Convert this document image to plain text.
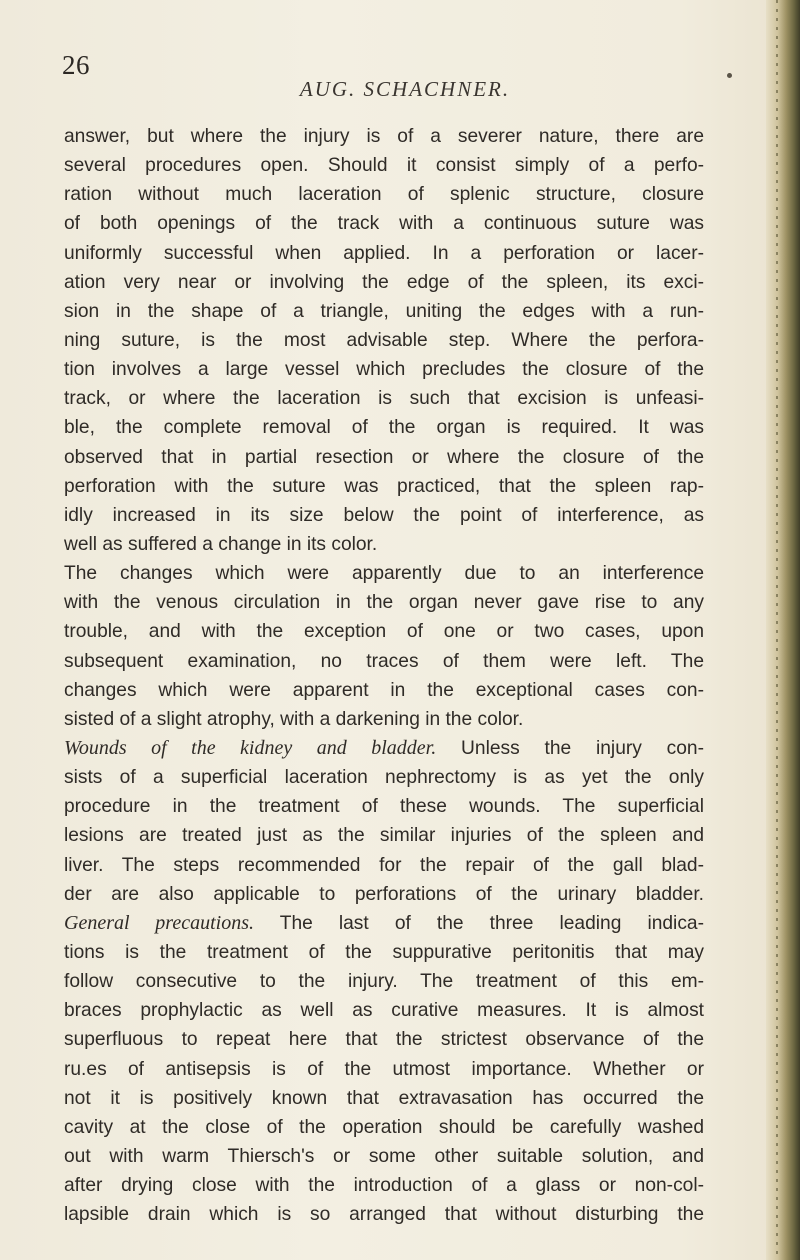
26
AUG. SCHACHNER.
answer, but where the injury is of a severer nature, there are
several procedures open. Should it consist simply of a perfo-
ration without much laceration of splenic structure, closure
of both openings of the track with a continuous suture was
uniformly successful when applied. In a perforation or lacer-
ation very near or involving the edge of the spleen, its exci-
sion in the shape of a triangle, uniting the edges with a run-
ning suture, is the most advisable step. Where the perfora-
tion involves a large vessel which precludes the closure of the
track, or where the laceration is such that excision is unfeasi-
ble, the complete removal of the organ is required. It was
observed that in partial resection or where the closure of the
perforation with the suture was practiced, that the spleen rap-
idly increased in its size below the point of interference, as
well as suffered a change in its color.
The changes which were apparently due to an interference
with the venous circulation in the organ never gave rise to any
trouble, and with the exception of one or two cases, upon
subsequent examination, no traces of them were left. The
changes which were apparent in the exceptional cases con-
sisted of a slight atrophy, with a darkening in the color.
Wounds of the kidney and bladder. Unless the injury con-
sists of a superficial laceration nephrectomy is as yet the only
procedure in the treatment of these wounds. The superficial
lesions are treated just as the similar injuries of the spleen and
liver. The steps recommended for the repair of the gall blad-
der are also applicable to perforations of the urinary bladder.
General precautions. The last of the three leading indica-
tions is the treatment of the suppurative peritonitis that may
follow consecutive to the injury. The treatment of this em-
braces prophylactic as well as curative measures. It is almost
superfluous to repeat here that the strictest observance of the
ru.es of antisepsis is of the utmost importance. Whether or
not it is positively known that extravasation has occurred the
cavity at the close of the operation should be carefully washed
out with warm Thiersch's or some other suitable solution, and
after drying close with the introduction of a glass or non-col-
lapsible drain which is so arranged that without disturbing the
